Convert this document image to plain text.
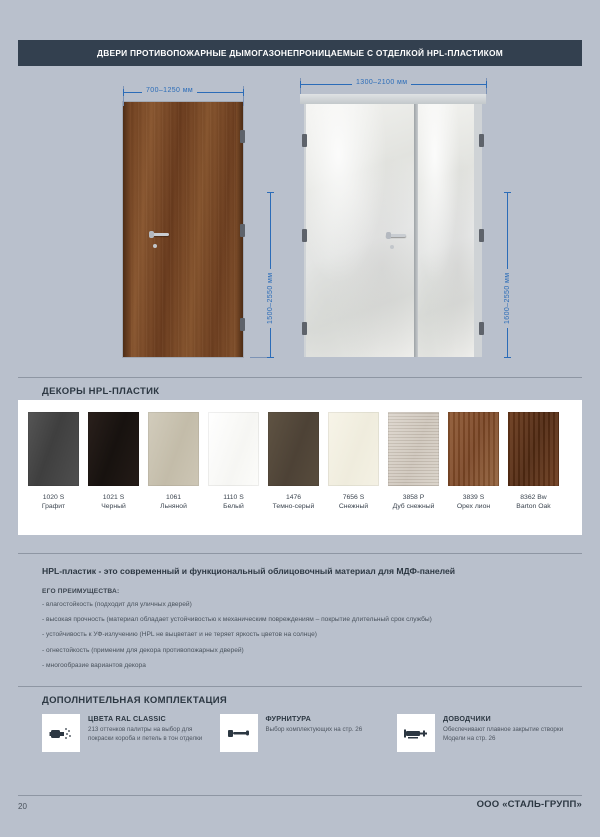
ДВЕРИ ПРОТИВОПОЖАРНЫЕ ДЫМОГАЗОНЕПРОНИЦАЕМЫЕ С ОТДЕЛКОЙ HPL-ПЛАСТИКОМ
700–1250 мм
1500–2550 мм
1300–2100 мм
1600–2550 мм
ДЕКОРЫ HPL-ПЛАСТИК
1020 S
Графит
1021 S
Черный
1061
Льняной
1110 S
Белый
1476
Темно-серый
7656 S
Снежный
3858 Р
Дуб снежный
3839 S
Орех лион
8362 Bw
Barton Oak
HPL-пластик - это современный и функциональный облицовочный материал для МДФ-панелей
ЕГО ПРЕИМУЩЕСТВА:
- влагостойкость (подходит для уличных дверей)
- высокая прочность (материал обладает устойчивостью к механическим повреждениям – покрытие длительный срок службы)
- устойчивость к УФ-излучению (HPL не выцветает и не теряет яркость цветов на солнце)
- огнестойкость (применим для декора противопожарных дверей)
- многообразие вариантов декора
ДОПОЛНИТЕЛЬНАЯ КОМПЛЕКТАЦИЯ
ЦВЕТА RAL CLASSIC
213 оттенков палитры на выбор для покраски короба и петель в тон отделки
ФУРНИТУРА
Выбор комплектующих на стр. 26
ДОВОДЧИКИ
Обеспечивают плавное закрытие створки Модели на стр. 26
20	ООО «СТАЛЬ-ГРУПП»
